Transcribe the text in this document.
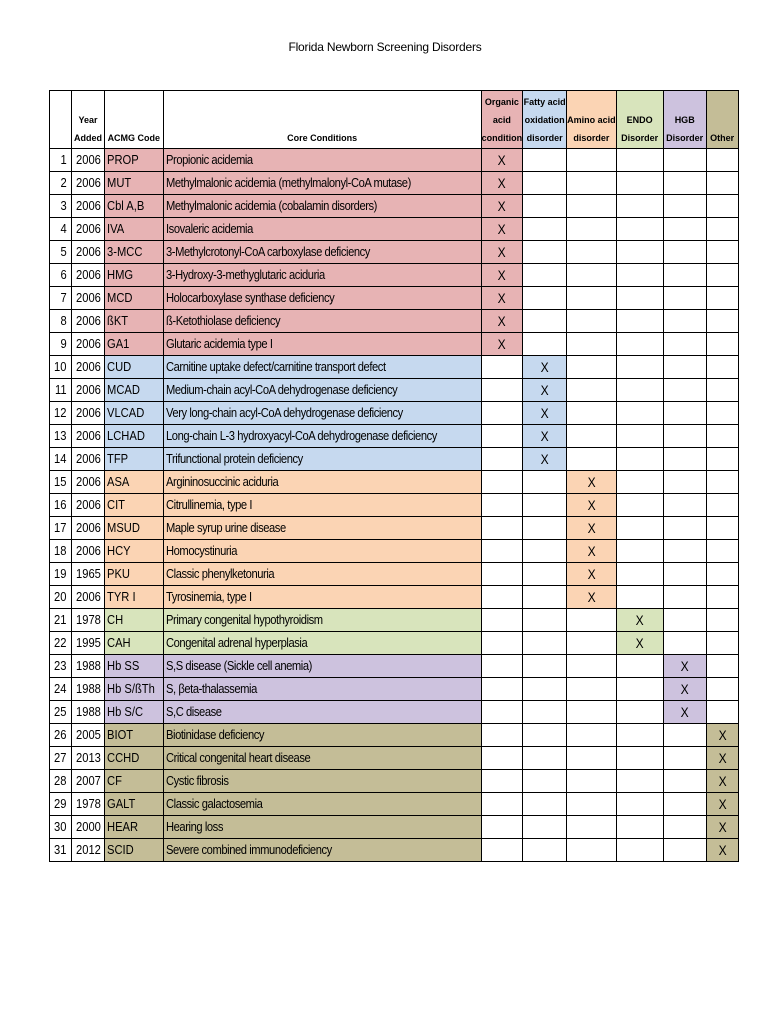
Florida Newborn Screening Disorders
	Year
Added	ACMG Code	Core Conditions	Organic
acid
condition	Fatty acid
oxidation
disorder	Amino acid
disorder	ENDO
Disorder	HGB
Disorder	Other
1	2006	PROP	Propionic acidemia	X					
2	2006	MUT	Methylmalonic acidemia (methylmalonyl-CoA mutase)	X					
3	2006	Cbl A,B	Methylmalonic acidemia (cobalamin disorders)	X					
4	2006	IVA	Isovaleric acidemia	X					
5	2006	3-MCC	3-Methylcrotonyl-CoA carboxylase deficiency	X					
6	2006	HMG	3-Hydroxy-3-methyglutaric aciduria	X					
7	2006	MCD	Holocarboxylase synthase deficiency	X					
8	2006	ßKT	ß-Ketothiolase deficiency	X					
9	2006	GA1	Glutaric acidemia type I	X					
10	2006	CUD	Carnitine uptake defect/carnitine transport defect		X				
11	2006	MCAD	Medium-chain acyl-CoA dehydrogenase deficiency		X				
12	2006	VLCAD	Very long-chain acyl-CoA dehydrogenase deficiency		X				
13	2006	LCHAD	Long-chain L-3 hydroxyacyl-CoA dehydrogenase deficiency		X				
14	2006	TFP	Trifunctional protein deficiency		X				
15	2006	ASA	Argininosuccinic aciduria			X			
16	2006	CIT	Citrullinemia, type I			X			
17	2006	MSUD	Maple syrup urine disease			X			
18	2006	HCY	Homocystinuria			X			
19	1965	PKU	Classic phenylketonuria			X			
20	2006	TYR I	Tyrosinemia, type I			X			
21	1978	CH	Primary congenital hypothyroidism				X		
22	1995	CAH	Congenital adrenal hyperplasia				X		
23	1988	Hb SS	S,S disease (Sickle cell anemia)					X	
24	1988	Hb S/ßTh	S, βeta-thalassemia					X	
25	1988	Hb S/C	S,C disease					X	
26	2005	BIOT	Biotinidase deficiency						X
27	2013	CCHD	Critical congenital heart disease						X
28	2007	CF	Cystic fibrosis						X
29	1978	GALT	Classic galactosemia						X
30	2000	HEAR	Hearing loss						X
31	2012	SCID	Severe combined immunodeficiency						X
